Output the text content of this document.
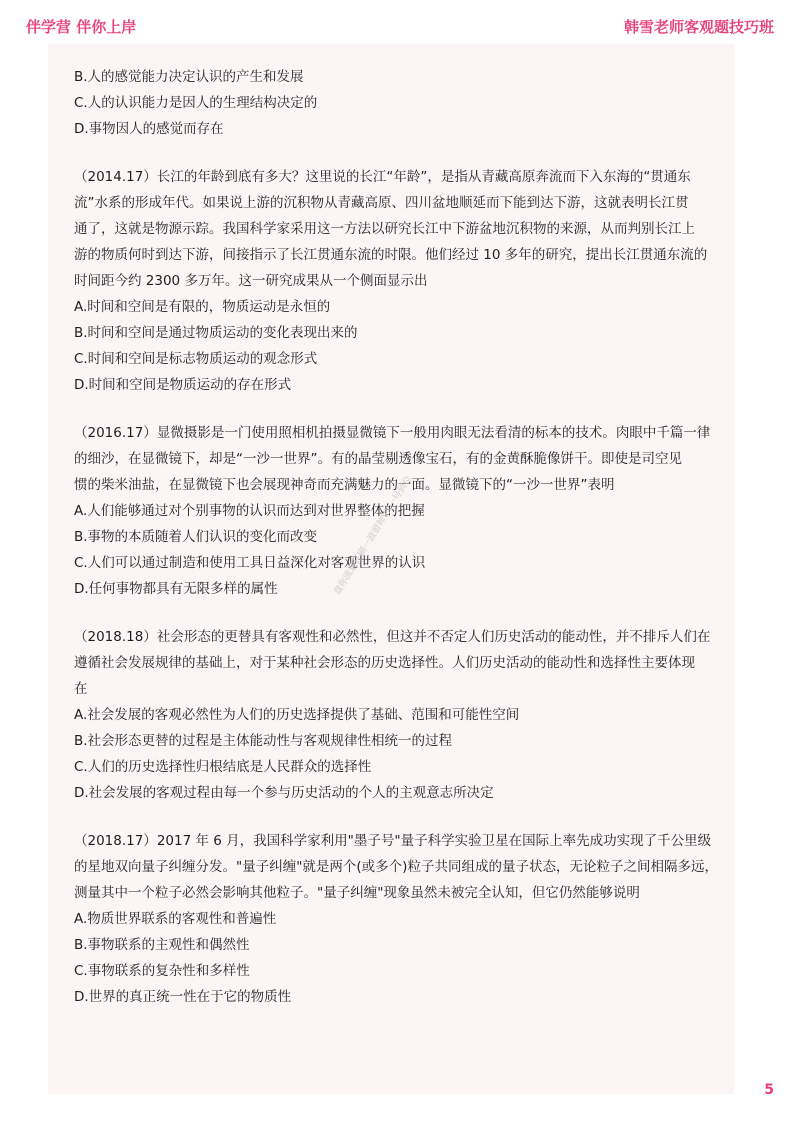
伴学营 伴你上岸	韩雪老师客观题技巧班
B.人的感觉能力决定认识的产生和发展
C.人的认识能力是因人的生理结构决定的
D.事物因人的感觉而存在
（2014.17）长江的年龄到底有多大？这里说的长江“年龄”，是指从青藏高原奔流而下入东海的“贯通东
流”水系的形成年代。如果说上游的沉积物从青藏高原、四川盆地顺延而下能到达下游，这就表明长江贯
通了，这就是物源示踪。我国科学家采用这一方法以研究长江中下游盆地沉积物的来源，从而判别长江上
游的物质何时到达下游，间接指示了长江贯通东流的时限。他们经过 10 多年的研究，提出长江贯通东流的
时间距今约 2300 多万年。这一研究成果从一个侧面显示出
A.时间和空间是有限的，物质运动是永恒的
B.时间和空间是通过物质运动的变化表现出来的
C.时间和空间是标志物质运动的观念形式
D.时间和空间是物质运动的存在形式
（2016.17）显微摄影是一门使用照相机拍摄显微镜下一般用肉眼无法看清的标本的技术。肉眼中千篇一律
的细沙，在显微镜下，却是“一沙一世界”。有的晶莹剔透像宝石，有的金黄酥脆像饼干。即使是司空见
惯的柴米油盐，在显微镜下也会展现神奇而充满魅力的一面。显微镜下的“一沙一世界”表明
A.人们能够通过对个别事物的认识而达到对世界整体的把握
B.事物的本质随着人们认识的变化而改变
C.人们可以通过制造和使用工具日益深化对客观世界的认识
D.任何事物都具有无限多样的属性
（2018.18）社会形态的更替具有客观性和必然性，但这并不否定人们历史活动的能动性，并不排斥人们在
遵循社会发展规律的基础上，对于某种社会形态的历史选择性。人们历史活动的能动性和选择性主要体现
在
A.社会发展的客观必然性为人们的历史选择提供了基础、范围和可能性空间
B.社会形态更替的过程是主体能动性与客观规律性相统一的过程
C.人们的历史选择性归根结底是人民群众的选择性
D.社会发展的客观过程由每一个参与历史活动的个人的主观意志所决定
（2018.17）2017 年 6 月，我国科学家利用"墨子号"量子科学实验卫星在国际上率先成功实现了千公里级
的星地双向量子纠缠分发。"量子纠缠"就是两个(或多个)粒子共同组成的量子状态，无论粒子之间相隔多远，
测量其中一个粒子必然会影响其他粒子。"量子纠缠"现象虽然未被完全认知，但它仍然能够说明
A.物质世界联系的客观性和普遍性
B.事物联系的主观性和偶然性
C.事物联系的复杂性和多样性
D.世界的真正统一性在于它的物质性
盘你流量狂刷一波留帅VX一号到位
5
